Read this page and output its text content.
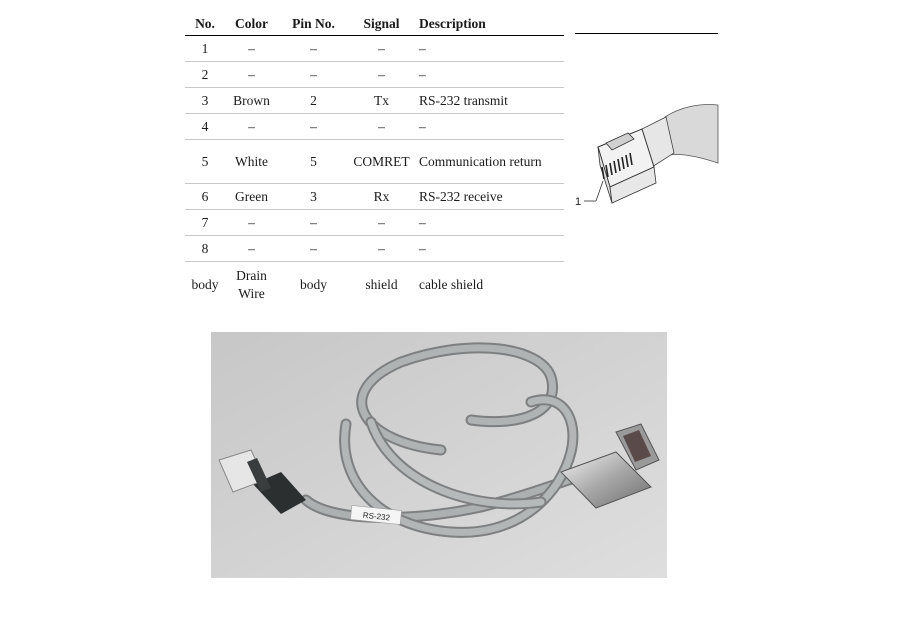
No.	Color	Pin No.	Signal	Description
1	–	–	–	–
2	–	–	–	–
3	Brown	2	Tx	RS-232 transmit
4	–	–	–	–
5	White	5	COMRET	Communication return
6	Green	3	Rx	RS-232 receive
7	–	–	–	–
8	–	–	–	–
body	Drain Wire	body	shield	cable shield
1
RS-232
